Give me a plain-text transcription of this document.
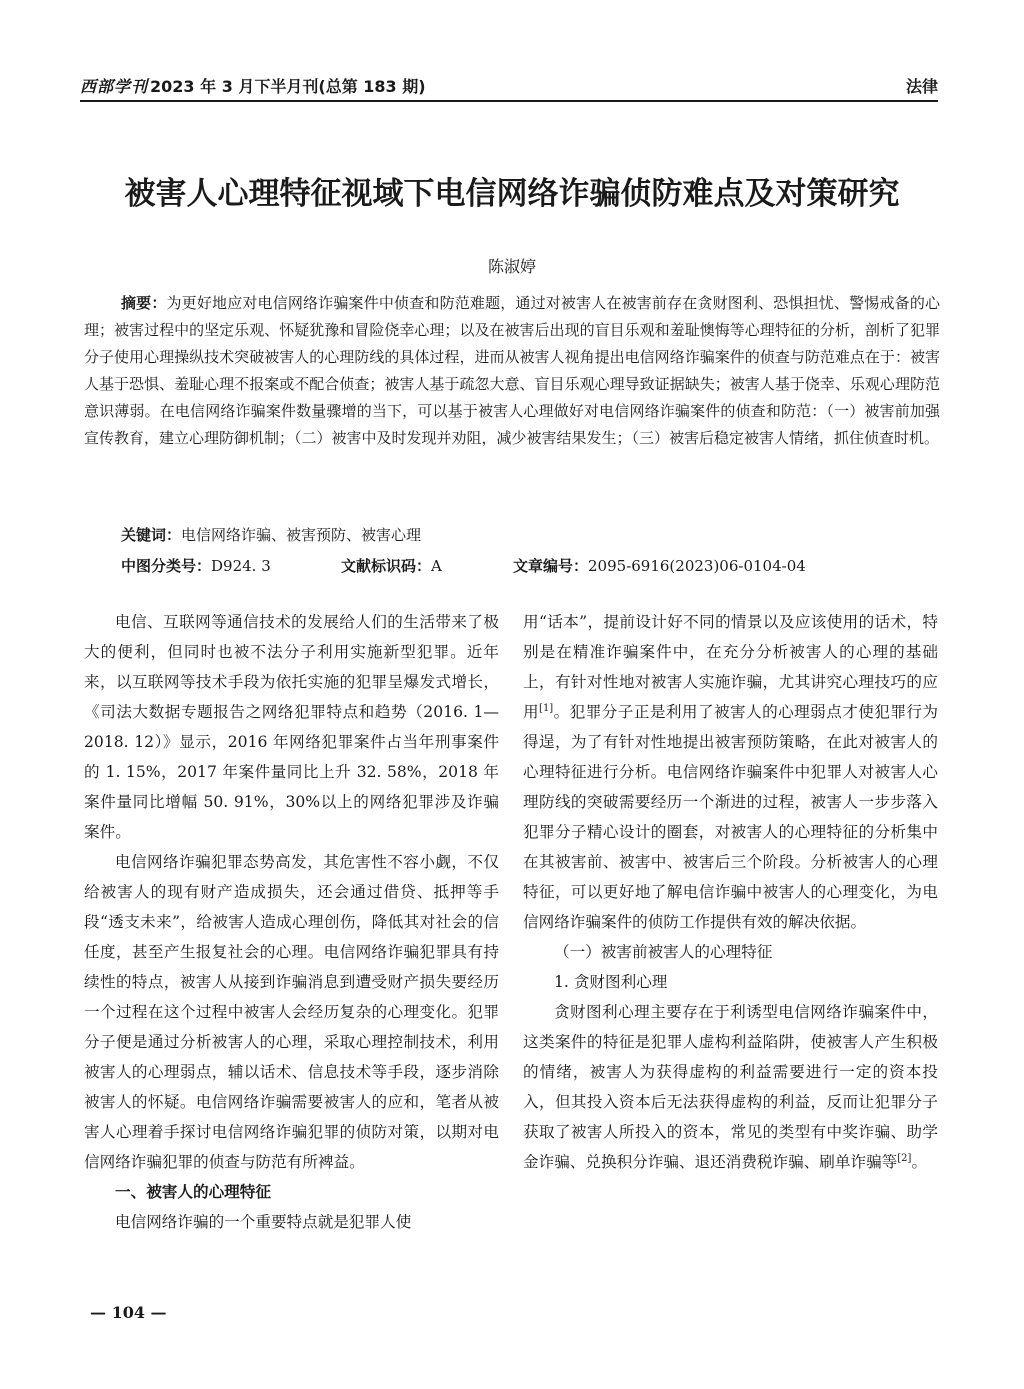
西部学刊 2023 年 3 月下半月刊(总第 183 期)	法律
被害人心理特征视域下电信网络诈骗侦防难点及对策研究
陈淑婷

摘要：为更好地应对电信网络诈骗案件中侦查和防范难题，通过对被害人在被害前存在贪财图利、恐惧担忧、警惕戒备的心理；被害过程中的坚定乐观、怀疑犹豫和冒险侥幸心理；以及在被害后出现的盲目乐观和羞耻懊悔等心理特征的分析，剖析了犯罪分子使用心理操纵技术突破被害人的心理防线的具体过程，进而从被害人视角提出电信网络诈骗案件的侦查与防范难点在于：被害人基于恐惧、羞耻心理不报案或不配合侦查；被害人基于疏忽大意、盲目乐观心理导致证据缺失；被害人基于侥幸、乐观心理防范意识薄弱。在电信网络诈骗案件数量骤增的当下，可以基于被害人心理做好对电信网络诈骗案件的侦查和防范：（一）被害前加强宣传教育，建立心理防御机制；（二）被害中及时发现并劝阻，减少被害结果发生；（三）被害后稳定被害人情绪，抓住侦查时机。

关键词：电信网络诈骗、被害预防、被害心理
中图分类号：D924. 3	文献标识码：A	文章编号：2095-6916(2023)06-0104-04

电信、互联网等通信技术的发展给人们的生活带来了极大的便利，但同时也被不法分子利用实施新型犯罪。近年来，以互联网等技术手段为依托实施的犯罪呈爆发式增长，《司法大数据专题报告之网络犯罪特点和趋势（2016. 1—2018. 12）》显示，2016 年网络犯罪案件占当年刑事案件的 1. 15%，2017 年案件量同比上升 32. 58%，2018 年案件量同比增幅 50. 91%，30%以上的网络犯罪涉及诈骗案件。

电信网络诈骗犯罪态势高发，其危害性不容小觑，不仅给被害人的现有财产造成损失，还会通过借贷、抵押等手段“透支未来”，给被害人造成心理创伤，降低其对社会的信任度，甚至产生报复社会的心理。电信网络诈骗犯罪具有持续性的特点，被害人从接到诈骗消息到遭受财产损失要经历一个过程在这个过程中被害人会经历复杂的心理变化。犯罪分子便是通过分析被害人的心理，采取心理控制技术，利用被害人的心理弱点，辅以话术、信息技术等手段，逐步消除被害人的怀疑。电信网络诈骗需要被害人的应和，笔者从被害人心理着手探讨电信网络诈骗犯罪的侦防对策，以期对电信网络诈骗犯罪的侦查与防范有所裨益。

一、被害人的心理特征

电信网络诈骗的一个重要特点就是犯罪人使

用“话本”，提前设计好不同的情景以及应该使用的话术，特别是在精准诈骗案件中，在充分分析被害人的心理的基础上，有针对性地对被害人实施诈骗，尤其讲究心理技巧的应用[1]。犯罪分子正是利用了被害人的心理弱点才使犯罪行为得逞，为了有针对性地提出被害预防策略，在此对被害人的心理特征进行分析。电信网络诈骗案件中犯罪人对被害人心理防线的突破需要经历一个渐进的过程，被害人一步步落入犯罪分子精心设计的圈套，对被害人的心理特征的分析集中在其被害前、被害中、被害后三个阶段。分析被害人的心理特征，可以更好地了解电信诈骗中被害人的心理变化，为电信网络诈骗案件的侦防工作提供有效的解决依据。

（一）被害前被害人的心理特征

1. 贪财图利心理

贪财图利心理主要存在于利诱型电信网络诈骗案件中，这类案件的特征是犯罪人虚构利益陷阱，使被害人产生积极的情绪，被害人为获得虚构的利益需要进行一定的资本投入，但其投入资本后无法获得虚构的利益，反而让犯罪分子获取了被害人所投入的资本，常见的类型有中奖诈骗、助学金诈骗、兑换积分诈骗、退还消费税诈骗、刷单诈骗等[2]。

— 104 —
